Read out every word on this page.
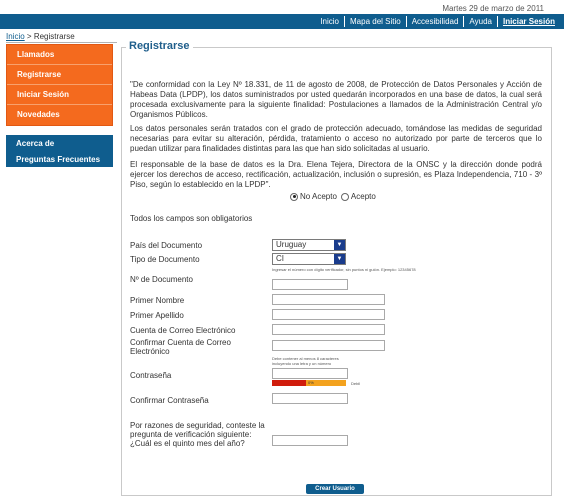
Martes 29 de marzo de 2011
Inicio	Mapa del Sitio	Accesibilidad	Ayuda	Iniciar Sesión
Inicio > Registrarse
Llamados
Registrarse
Iniciar Sesión
Novedades
Acerca de
Preguntas Frecuentes
Registrarse

"De conformidad con la Ley Nº 18.331, de 11 de agosto de 2008, de Protección de Datos Personales y Acción de Habeas Data (LPDP), los datos suministrados por usted quedarán incorporados en una base de datos, la cual será procesada exclusivamente para la siguiente finalidad: Postulaciones a llamados de la Administración Central y/o Organismos Públicos.

Los datos personales serán tratados con el grado de protección adecuado, tomándose las medidas de seguridad necesarias para evitar su alteración, pérdida, tratamiento o acceso no autorizado por parte de terceros que lo puedan utilizar para finalidades distintas para las que han sido solicitadas al usuario.

El responsable de la base de datos es la Dra. Elena Tejera, Directora de la ONSC y la dirección donde podrá ejercer los derechos de acceso, rectificación, actualización, inclusión o supresión, es Plaza Independencia, 710 - 3º Piso, según lo establecido en la LPDP".

No Acepto Acepto
Todos los campos son obligatorios
País del Documento	Uruguay	▼
Tipo de Documento	CI	▼
Ingresar el número con dígito verificador, sin puntos ni guión. Ejemplo: 12345678
Nº de Documento
Primer Nombre
Primer Apellido
Cuenta de Correo Electrónico
Confirmar Cuenta de Correo Electrónico
Debe contener al menos 8 caracteres incluyendo una letra y un número
Contraseña
0%	Debil
Confirmar Contraseña
Por razones de seguridad, conteste la pregunta de verificación siguiente: ¿Cuál es el quinto mes del año?
Crear Usuario
